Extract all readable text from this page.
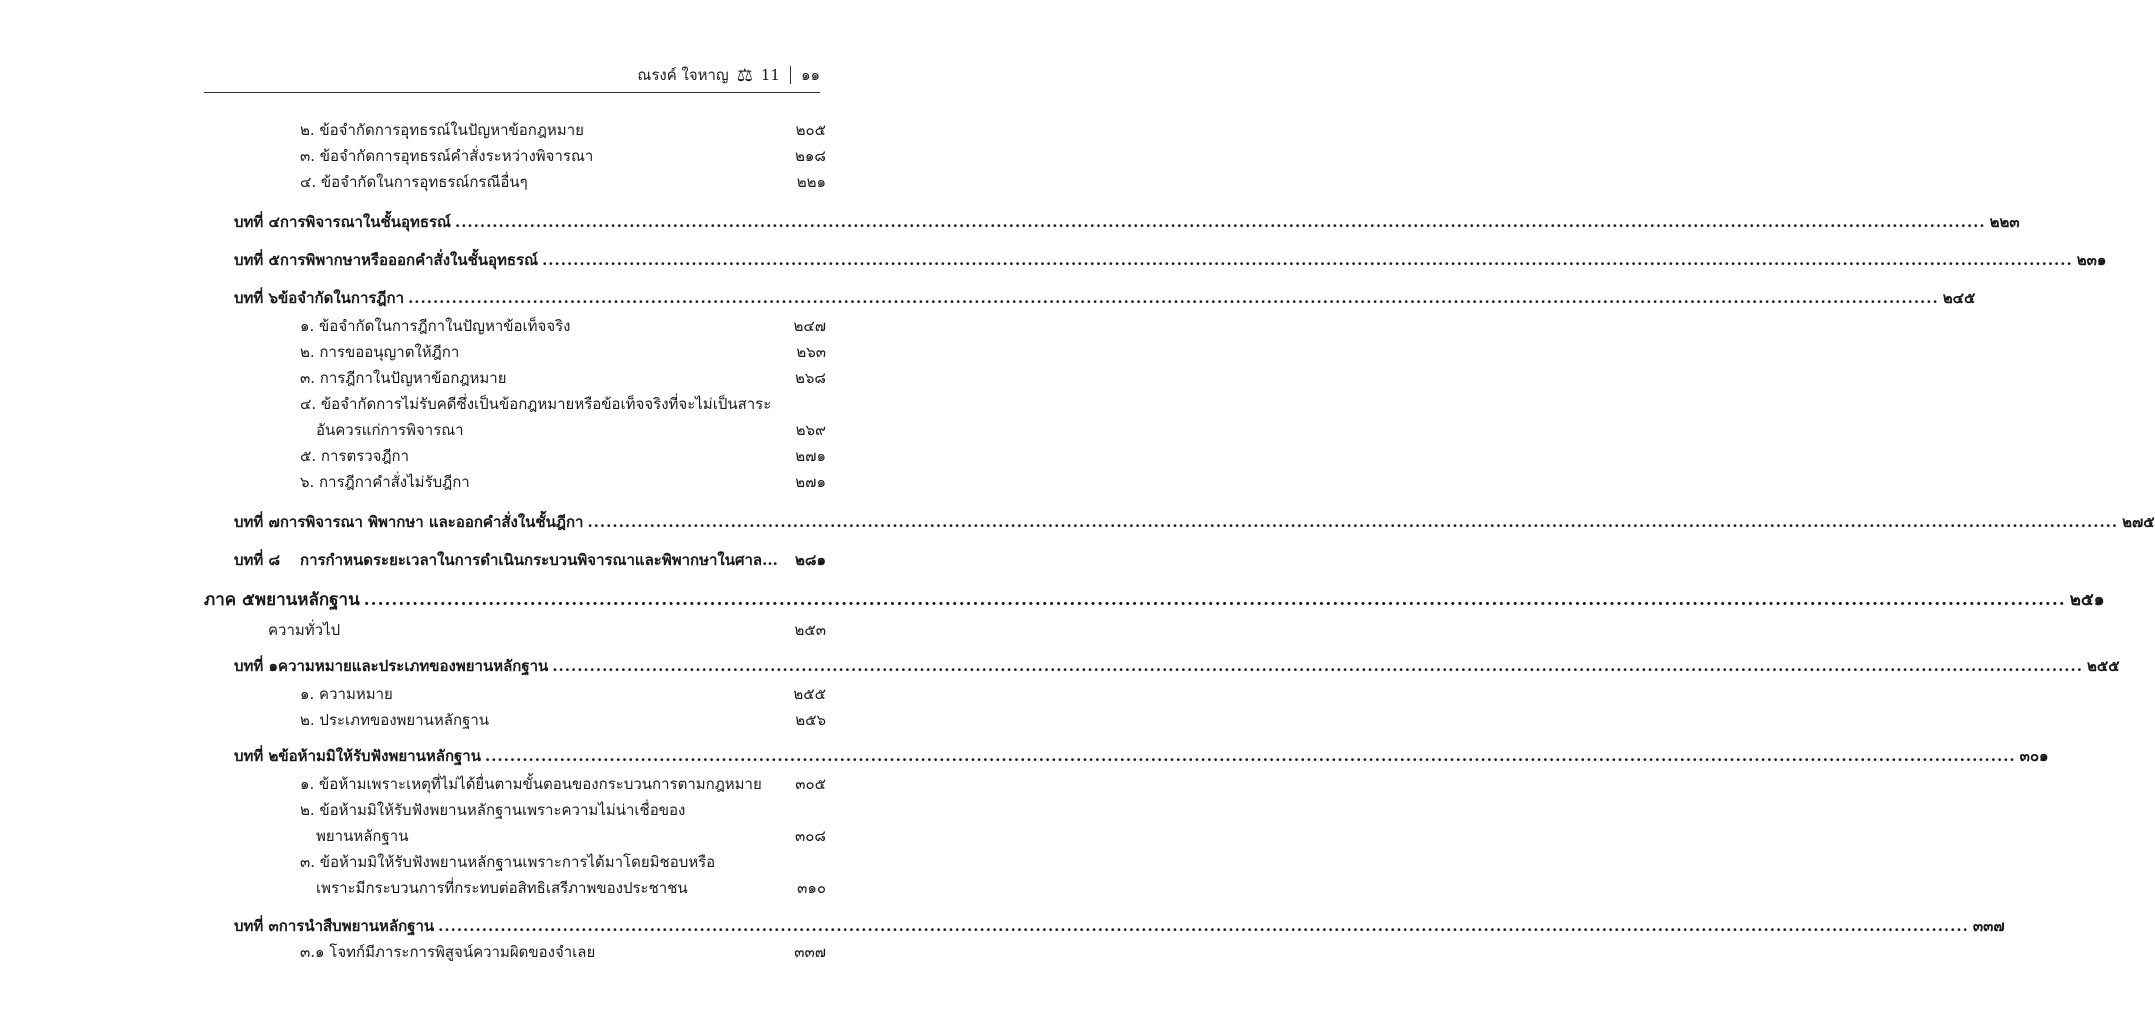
ณรงค์ ใจหาญ ⚖ 11 ๑๑
๒. ข้อจำกัดการอุทธรณ์ในปัญหาข้อกฎหมาย	๒๐๕
๓. ข้อจำกัดการอุทธรณ์คำสั่งระหว่างพิจารณา	๒๑๘
๔. ข้อจำกัดในการอุทธรณ์กรณีอื่นๆ	๒๒๑
บทที่ ๔ การพิจารณาในชั้นอุทธรณ์ .....	๒๒๓
บทที่ ๕ การพิพากษาหรือออกคำสั่งในชั้นอุทธรณ์ .....	๒๓๑
บทที่ ๖ ข้อจำกัดในการฎีกา .....	๒๔๕
๑. ข้อจำกัดในการฎีกาในปัญหาข้อเท็จจริง	๒๔๗
๒. การขออนุญาตให้ฎีกา	๒๖๓
๓. การฎีกาในปัญหาข้อกฎหมาย	๒๖๘
๔. ข้อจำกัดการไม่รับคดีซึ่งเป็นข้อกฎหมายหรือข้อเท็จจริงที่จะไม่เป็นสาระ
อันควรแก่การพิจารณา	๒๖๙
๕. การตรวจฎีกา	๒๗๑
๖. การฎีกาคำสั่งไม่รับฎีกา	๒๗๑
บทที่ ๗ การพิจารณา พิพากษา และออกคำสั่งในชั้นฎีกา .....	๒๗๕
บทที่ ๘	การกำหนดระยะเวลาในการดำเนินกระบวนพิจารณาและพิพากษาในศาล... ๒๘๑
ภาค ๕ พยานหลักฐาน .....	๒๕๑
ความทั่วไป	๒๕๓
บทที่ ๑ ความหมายและประเภทของพยานหลักฐาน .....	๒๕๕
๑. ความหมาย	๒๕๕
๒. ประเภทของพยานหลักฐาน	๒๕๖
บทที่ ๒ ข้อห้ามมิให้รับฟังพยานหลักฐาน .....	๓๐๑
๑. ข้อห้ามเพราะเหตุที่ไม่ได้ยื่นตามขั้นตอนของกระบวนการตามกฎหมาย ๓๐๕
๒. ข้อห้ามมิให้รับฟังพยานหลักฐานเพราะความไม่น่าเชื่อของ
พยานหลักฐาน	๓๐๘
๓. ข้อห้ามมิให้รับฟังพยานหลักฐานเพราะการได้มาโดยมิชอบหรือ
เพราะมีกระบวนการที่กระทบต่อสิทธิเสรีภาพของประชาชน	๓๑๐
บทที่ ๓ การนำสืบพยานหลักฐาน .....	๓๓๗
๓.๑ โจทก์มีภาระการพิสูจน์ความผิดของจำเลย	๓๓๗
